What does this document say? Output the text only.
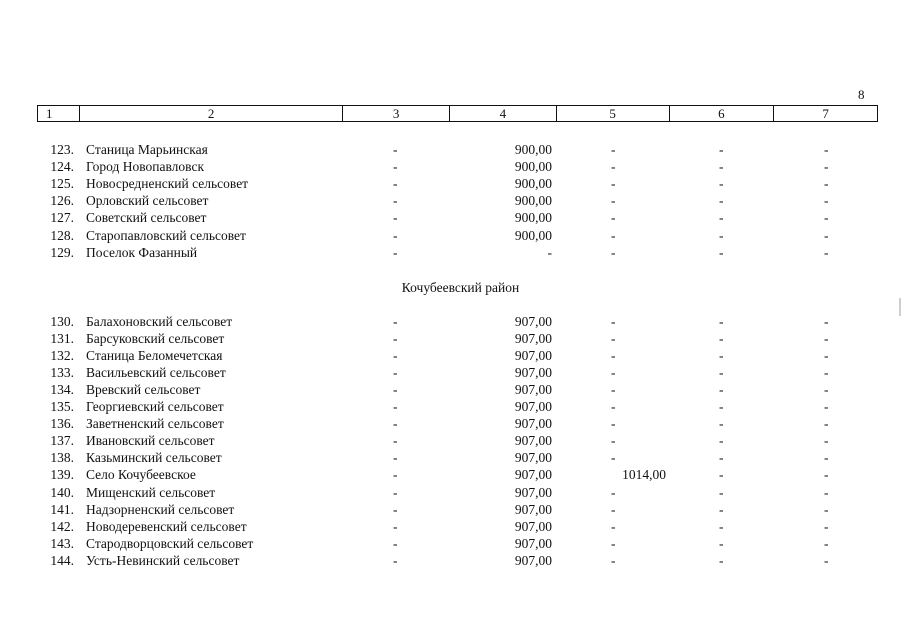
8
1	2	3	4	5	6	7
123. Станица Марьинская	-	900,00	-	-	-
124. Город Новопавловск	-	900,00	-	-	-
125. Новосредненский сельсовет	-	900,00	-	-	-
126. Орловский сельсовет	-	900,00	-	-	-
127. Советский сельсовет	-	900,00	-	-	-
128. Старопавловский сельсовет	-	900,00	-	-	-
129. Поселок Фазанный	-	-	-	-	-
Кочубеевский район
130. Балахоновский сельсовет	-	907,00	-	-	-
131. Барсуковский сельсовет	-	907,00	-	-	-
132. Станица Беломечетская	-	907,00	-	-	-
133. Васильевский сельсовет	-	907,00	-	-	-
134. Вревский сельсовет	-	907,00	-	-	-
135. Георгиевский сельсовет	-	907,00	-	-	-
136. Заветненский сельсовет	-	907,00	-	-	-
137. Ивановский сельсовет	-	907,00	-	-	-
138. Казьминский сельсовет	-	907,00	-	-	-
139. Село Кочубеевское	-	907,00	1014,00	-	-
140. Мищенский сельсовет	-	907,00	-	-	-
141. Надзорненский сельсовет	-	907,00	-	-	-
142. Новодеревенский сельсовет	-	907,00	-	-	-
143. Стародворцовский сельсовет	-	907,00	-	-	-
144. Усть-Невинский сельсовет	-	907,00	-	-	-
